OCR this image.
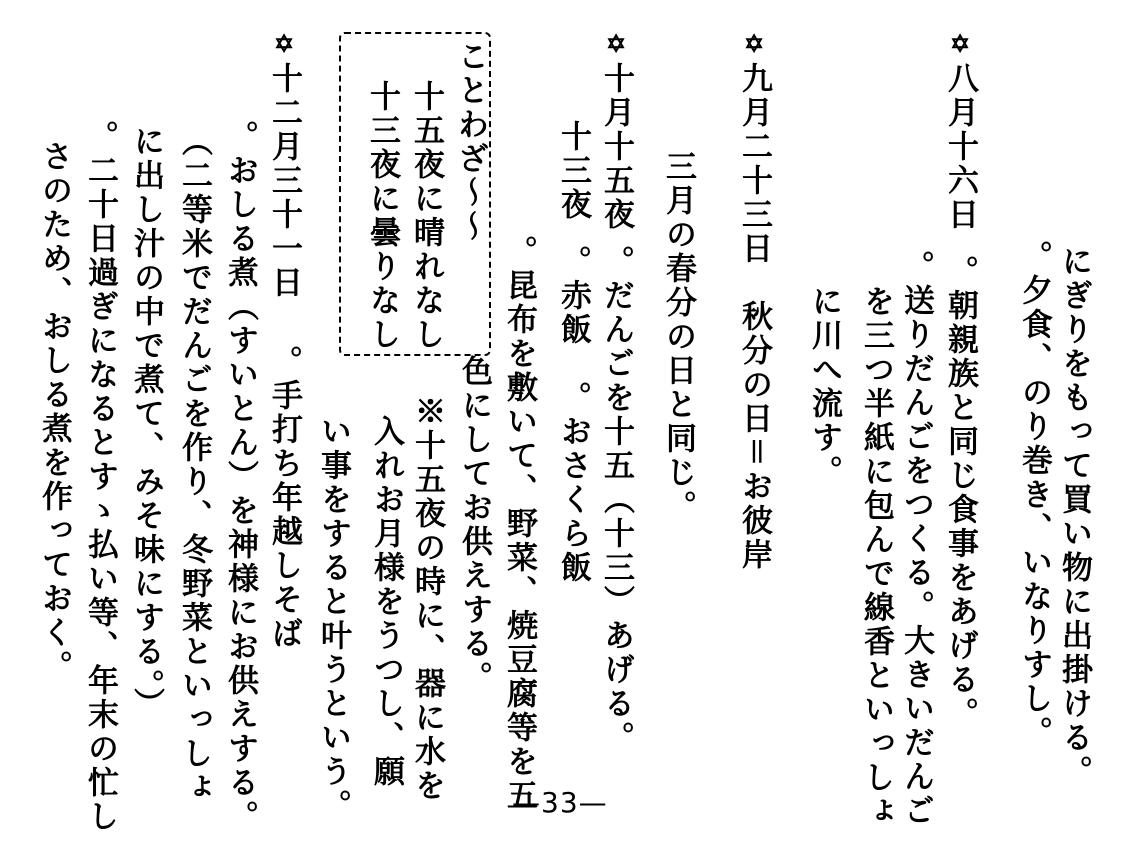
にぎりをもって買い物に出掛ける。
。夕食、のり巻き、いなりすし。
✡八月十六日
。朝親族と同じ食事をあげる。
。送りだんごをつくる。大きいだんご
を三つ半紙に包んで線香といっしょ
に川へ流す。
✡九月二十三日
秋分の日＝お彼岸
三月の春分の日と同じ。
✡十月十五夜
。だんごを十五（十三）あげる。
十三夜
。赤飯　。おさくら飯
。昆布を敷いて、野菜、焼豆腐等を五
色にしてお供えする。
※十五夜の時に、器に水を
入れお月様をうつし、願
い事をすると叶うという。
ことわざ～～
十五夜に晴れなし
十三夜に曇りなし
✡十二月三十一日
。手打ち年越しそば
。おしる煮（すいとん）を神様にお供えする。
（二等米でだんごを作り、冬野菜といっしょ
に出し汁の中で煮て、みそ味にする。）
。二十日過ぎになるとすゝ払い等、年末の忙し
さのため、おしる煮を作っておく。
—33—
